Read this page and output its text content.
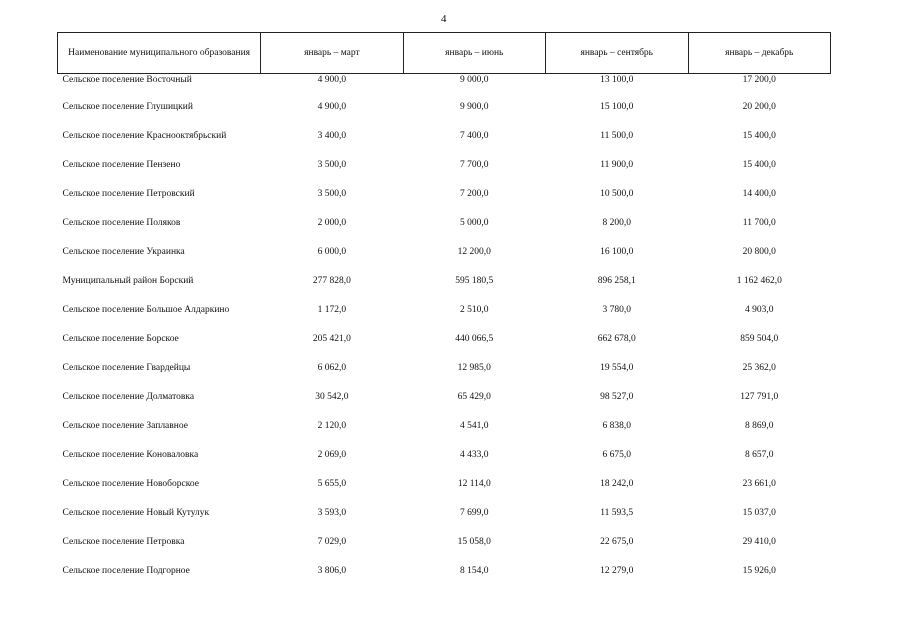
4
Наименование муниципального образования	январь – март	январь – июнь	январь – сентябрь	январь – декабрь
Сельское поселение Восточный	4 900,0	9 000,0	13 100,0	17 200,0
Сельское поселение Глушицкий	4 900,0	9 900,0	15 100,0	20 200,0
Сельское поселение Краснооктябрьский	3 400,0	7 400,0	11 500,0	15 400,0
Сельское поселение Пензено	3 500,0	7 700,0	11 900,0	15 400,0
Сельское поселение Петровский	3 500,0	7 200,0	10 500,0	14 400,0
Сельское поселение Поляков	2 000,0	5 000,0	8 200,0	11 700,0
Сельское поселение Украинка	6 000,0	12 200,0	16 100,0	20 800,0
Муниципальный район Борский	277 828,0	595 180,5	896 258,1	1 162 462,0
Сельское поселение Большое Алдаркино	1 172,0	2 510,0	3 780,0	4 903,0
Сельское поселение Борское	205 421,0	440 066,5	662 678,0	859 504,0
Сельское поселение Гвардейцы	6 062,0	12 985,0	19 554,0	25 362,0
Сельское поселение Долматовка	30 542,0	65 429,0	98 527,0	127 791,0
Сельское поселение Заплавное	2 120,0	4 541,0	6 838,0	8 869,0
Сельское поселение Коноваловка	2 069,0	4 433,0	6 675,0	8 657,0
Сельское поселение Новоборское	5 655,0	12 114,0	18 242,0	23 661,0
Сельское поселение Новый Кутулук	3 593,0	7 699,0	11 593,5	15 037,0
Сельское поселение Петровка	7 029,0	15 058,0	22 675,0	29 410,0
Сельское поселение Подгорное	3 806,0	8 154,0	12 279,0	15 926,0
